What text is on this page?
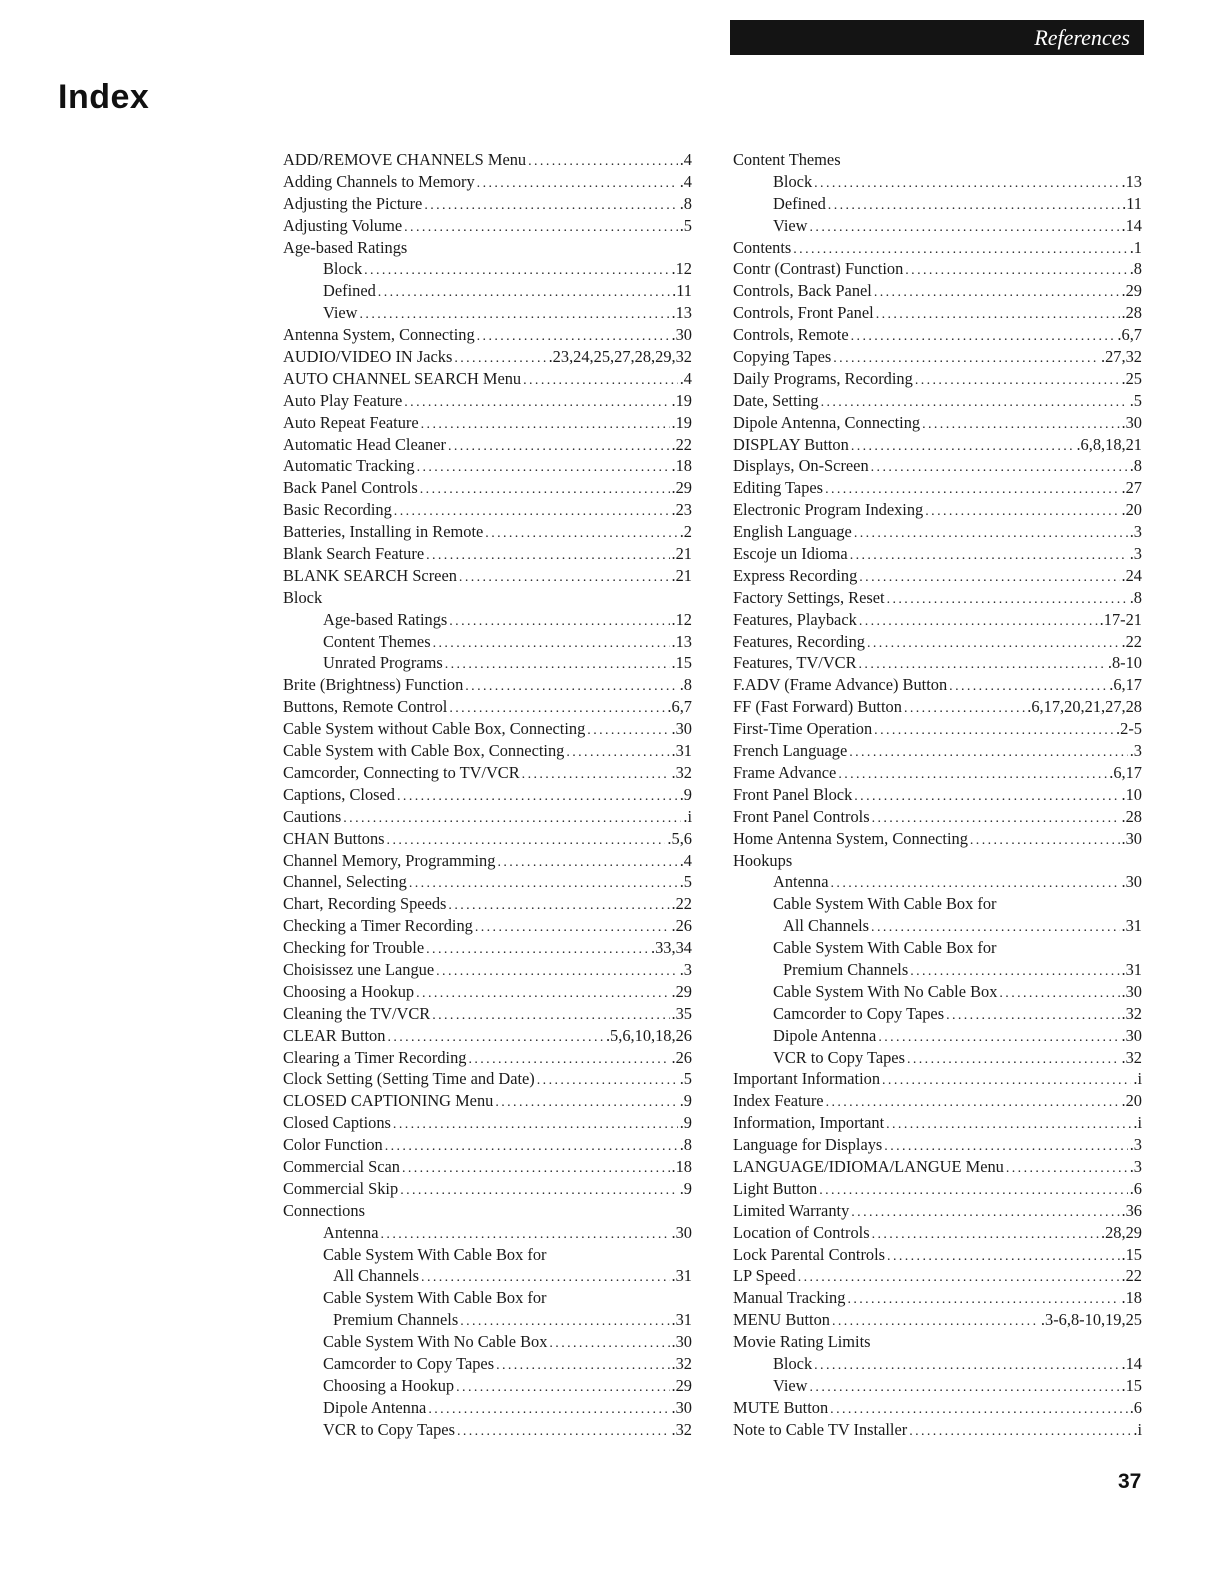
References
Index
ADD/REMOVE CHANNELS Menu .....	.4
Adding Channels to Memory .....	.4
Adjusting the Picture .....	.8
Adjusting Volume .....	.5
Age-based Ratings
Block .....	.12
Defined .....	.11
View .....	.13
Antenna System, Connecting .....	.30
AUDIO/VIDEO IN Jacks .....	.23,24,25,27,28,29,32
AUTO CHANNEL SEARCH Menu .....	.4
Auto Play Feature .....	.19
Auto Repeat Feature .....	.19
Automatic Head Cleaner .....	.22
Automatic Tracking .....	.18
Back Panel Controls .....	.29
Basic Recording .....	.23
Batteries, Installing in Remote .....	.2
Blank Search Feature .....	.21
BLANK SEARCH Screen .....	.21
Block
Age-based Ratings .....	.12
Content Themes .....	.13
Unrated Programs .....	.15
Brite (Brightness) Function .....	.8
Buttons, Remote Control .....	.6,7
Cable System without Cable Box, Connecting .....	.30
Cable System with Cable Box, Connecting .....	.31
Camcorder, Connecting to TV/VCR .....	.32
Captions, Closed .....	.9
Cautions .....	.i
CHAN Buttons .....	.5,6
Channel Memory, Programming .....	.4
Channel, Selecting .....	.5
Chart, Recording Speeds .....	.22
Checking a Timer Recording .....	.26
Checking for Trouble .....	.33,34
Choisissez une Langue .....	.3
Choosing a Hookup .....	.29
Cleaning the TV/VCR .....	.35
CLEAR Button .....	.5,6,10,18,26
Clearing a Timer Recording .....	.26
Clock Setting (Setting Time and Date) .....	.5
CLOSED CAPTIONING Menu .....	.9
Closed Captions .....	.9
Color Function .....	.8
Commercial Scan .....	.18
Commercial Skip .....	.9
Connections
Antenna .....	.30
Cable System With Cable Box for
All Channels .....	.31
Cable System With Cable Box for
Premium Channels .....	.31
Cable System With No Cable Box .....	.30
Camcorder to Copy Tapes .....	.32
Choosing a Hookup .....	.29
Dipole Antenna .....	.30
VCR to Copy Tapes .....	.32
Content Themes
Block .....	.13
Defined .....	.11
View .....	.14
Contents .....	.1
Contr (Contrast) Function .....	.8
Controls, Back Panel .....	.29
Controls, Front Panel .....	.28
Controls, Remote .....	.6,7
Copying Tapes .....	.27,32
Daily Programs, Recording .....	.25
Date, Setting .....	.5
Dipole Antenna, Connecting .....	.30
DISPLAY Button .....	.6,8,18,21
Displays, On-Screen .....	.8
Editing Tapes .....	.27
Electronic Program Indexing .....	.20
English Language .....	.3
Escoje un Idioma .....	.3
Express Recording .....	.24
Factory Settings, Reset .....	.8
Features, Playback .....	.17-21
Features, Recording .....	.22
Features, TV/VCR .....	.8-10
F.ADV (Frame Advance) Button .....	.6,17
FF (Fast Forward) Button .....	.6,17,20,21,27,28
First-Time Operation .....	.2-5
French Language .....	.3
Frame Advance .....	.6,17
Front Panel Block .....	.10
Front Panel Controls .....	.28
Home Antenna System, Connecting .....	.30
Hookups
Antenna .....	.30
Cable System With Cable Box for
All Channels .....	.31
Cable System With Cable Box for
Premium Channels .....	.31
Cable System With No Cable Box .....	.30
Camcorder to Copy Tapes .....	.32
Dipole Antenna .....	.30
VCR to Copy Tapes .....	.32
Important Information .....	.i
Index Feature .....	.20
Information, Important .....	.i
Language for Displays .....	.3
LANGUAGE/IDIOMA/LANGUE Menu .....	.3
Light Button .....	.6
Limited Warranty .....	.36
Location of Controls .....	.28,29
Lock Parental Controls .....	.15
LP Speed .....	.22
Manual Tracking .....	.18
MENU Button .....	.3-6,8-10,19,25
Movie Rating Limits
Block .....	.14
View .....	.15
MUTE Button .....	.6
Note to Cable TV Installer .....	.i
37
